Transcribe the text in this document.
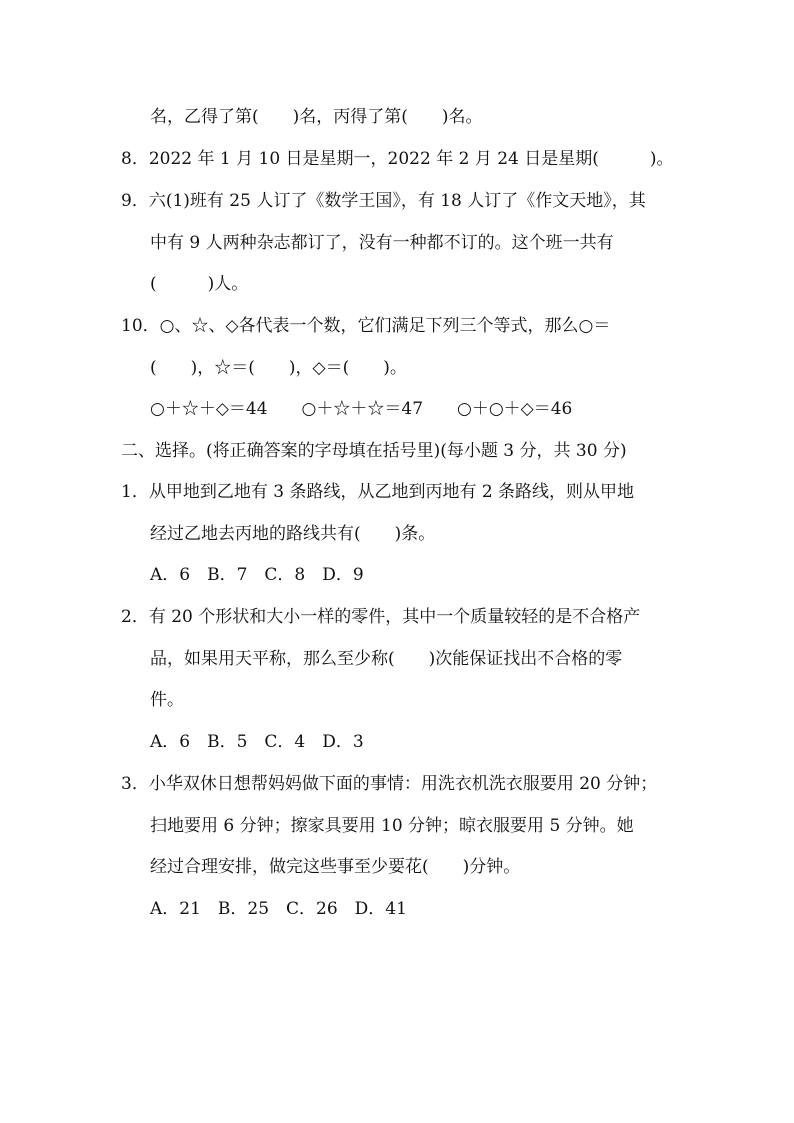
名，乙得了第(　　)名，丙得了第(　　)名。
8．2022 年 1 月 10 日是星期一，2022 年 2 月 24 日是星期(　　　)。
9．六(1)班有 25 人订了《数学王国》，有 18 人订了《作文天地》，其
中有 9 人两种杂志都订了，没有一种都不订的。这个班一共有
(　　　)人。
10．○、☆、◇各代表一个数，它们满足下列三个等式，那么○＝
(　　)，☆＝(　　)，◇＝(　　)。
○＋☆＋◇＝44　　○＋☆＋☆＝47　　○＋○＋◇＝46
二、选择。(将正确答案的字母填在括号里)(每小题 3 分，共 30 分)
1．从甲地到乙地有 3 条路线，从乙地到丙地有 2 条路线，则从甲地
经过乙地去丙地的路线共有(　　)条。
A．6　B．7　C．8　D．9
2．有 20 个形状和大小一样的零件，其中一个质量较轻的是不合格产
品，如果用天平称，那么至少称(　　)次能保证找出不合格的零
件。
A．6　B．5　C．4　D．3
3．小华双休日想帮妈妈做下面的事情：用洗衣机洗衣服要用 20 分钟；
扫地要用 6 分钟；擦家具要用 10 分钟；晾衣服要用 5 分钟。她
经过合理安排，做完这些事至少要花(　　)分钟。
A．21　B．25　C．26　D．41
